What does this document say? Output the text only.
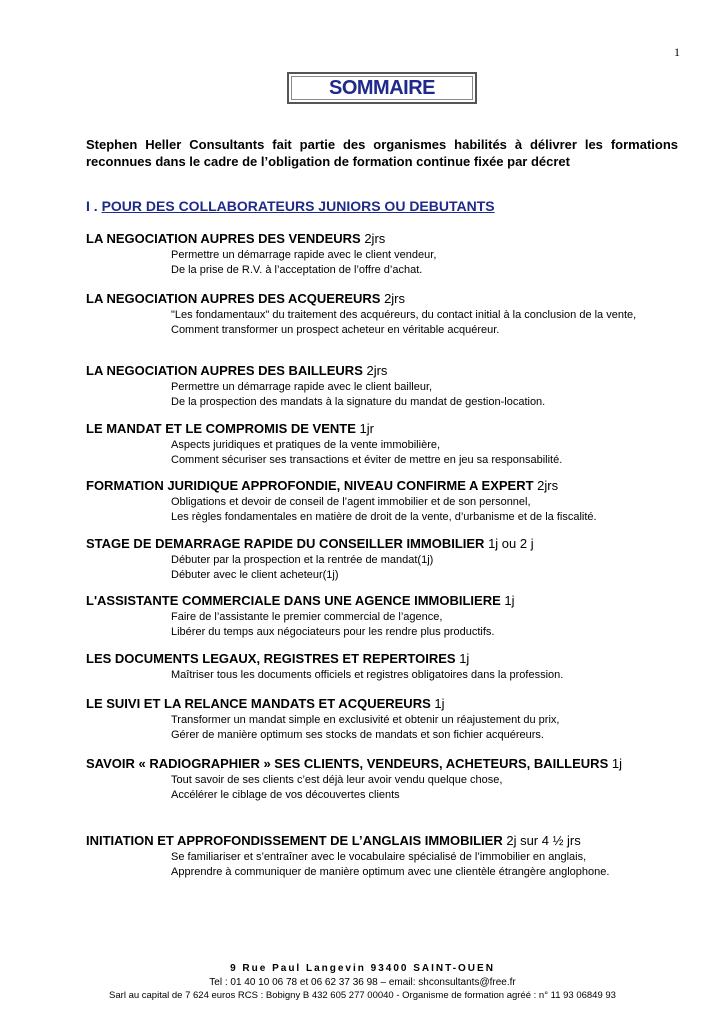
1
SOMMAIRE
Stephen Heller Consultants fait partie des organismes habilités à délivrer les formations reconnues dans le cadre de l’obligation de formation continue fixée par décret
I . POUR DES COLLABORATEURS JUNIORS OU DEBUTANTS
LA NEGOCIATION AUPRES DES VENDEURS 2jrs
Permettre un démarrage rapide avec le client vendeur,
De la prise de R.V. à l’acceptation de l’offre d’achat.
LA NEGOCIATION AUPRES DES ACQUEREURS 2jrs
"Les fondamentaux" du traitement des acquéreurs, du contact initial à la conclusion de la vente,
Comment transformer un prospect acheteur en véritable acquéreur.
LA NEGOCIATION AUPRES DES BAILLEURS 2jrs
Permettre un démarrage rapide avec le client bailleur,
De la prospection des mandats à la signature du mandat de gestion-location.
LE MANDAT ET LE COMPROMIS DE VENTE 1jr
Aspects juridiques et pratiques de la vente immobilière,
Comment sécuriser ses transactions et éviter de mettre en jeu sa responsabilité.
FORMATION JURIDIQUE APPROFONDIE, NIVEAU CONFIRME A EXPERT 2jrs
Obligations et devoir de conseil de l’agent immobilier et de son personnel,
Les règles fondamentales en matière de droit de la vente, d’urbanisme et de la fiscalité.
STAGE DE DEMARRAGE RAPIDE DU CONSEILLER IMMOBILIER 1j ou 2 j
Débuter par la prospection et la rentrée de mandat(1j)
Débuter avec le client acheteur(1j)
L'ASSISTANTE COMMERCIALE DANS UNE AGENCE IMMOBILIERE 1j
Faire de l’assistante le premier commercial de l’agence,
Libérer du temps aux négociateurs pour les rendre plus productifs.
LES DOCUMENTS LEGAUX, REGISTRES ET REPERTOIRES 1j
Maîtriser tous les documents officiels et registres obligatoires dans la profession.
LE SUIVI ET LA RELANCE MANDATS ET ACQUEREURS 1j
Transformer un mandat simple en exclusivité et obtenir un réajustement du prix,
Gérer de manière optimum ses stocks de mandats et son fichier acquéreurs.
SAVOIR « RADIOGRAPHIER » SES CLIENTS, VENDEURS, ACHETEURS, BAILLEURS 1j
Tout savoir de ses clients c’est déjà leur avoir vendu quelque chose,
Accélérer le ciblage de vos découvertes clients
INITIATION ET APPROFONDISSEMENT DE L’ANGLAIS IMMOBILIER 2j sur 4 ½ jrs
Se familiariser et s’entraîner avec le vocabulaire spécialisé de l’immobilier en anglais,
Apprendre à communiquer de manière optimum avec une clientèle étrangère anglophone.
9 Rue Paul Langevin 93400 SAINT-OUEN
Tel : 01 40 10 06 78 et 06 62 37 36 98 – email: shconsultants@free.fr
Sarl au capital de 7 624 euros RCS : Bobigny B 432 605 277 00040 - Organisme de formation agréé : n° 11 93 06849 93
